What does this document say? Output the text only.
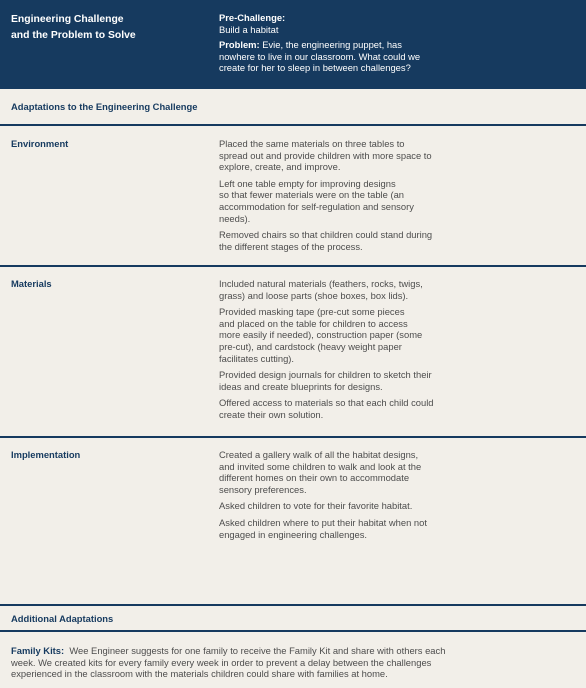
Engineering Challenge
and the Problem to Solve
Pre-Challenge:
Build a habitat
Problem: Evie, the engineering puppet, has
nowhere to live in our classroom. What could we
create for her to sleep in between challenges?
Adaptations to the Engineering Challenge
Environment	Placed the same materials on three tables to
spread out and provide children with more space to
explore, create, and improve.

Left one table empty for improving designs
so that fewer materials were on the table (an
accommodation for self-regulation and sensory
needs).

Removed chairs so that children could stand during
the different stages of the process.

Materials	Included natural materials (feathers, rocks, twigs,
grass) and loose parts (shoe boxes, box lids).

Provided masking tape (pre-cut some pieces
and placed on the table for children to access
more easily if needed), construction paper (some
pre-cut), and cardstock (heavy weight paper
facilitates cutting).

Provided design journals for children to sketch their
ideas and create blueprints for designs.

Offered access to materials so that each child could
create their own solution.

Implementation	Created a gallery walk of all the habitat designs,
and invited some children to walk and look at the
different homes on their own to accommodate
sensory preferences.

Asked children to vote for their favorite habitat.

Asked children where to put their habitat when not
engaged in engineering challenges.

Additional Adaptations
Family Kits:  Wee Engineer suggests for one family to receive the Family Kit and share with others each
week. We created kits for every family every week in order to prevent a delay between the challenges
experienced in the classroom with the materials children could share with families at home.
